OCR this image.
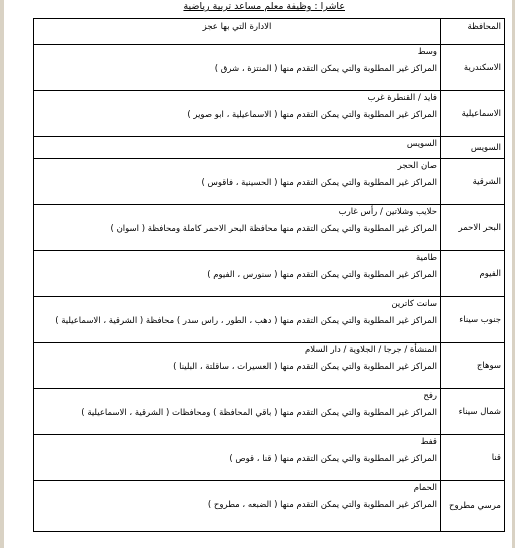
عاشرا : وظيفة معلم مساعد تربية رياضية
المحافظة	الادارة التي بها عجز
الاسكندرية	وسط
المراكز غير المطلوبة والتي يمكن التقدم منها ( المنتزة ، شرق )

الاسماعيلية	فايد / القنطرة غرب
المراكز غير المطلوبة والتي يمكن التقدم منها ( الاسماعيلية ، ابو صوير )

السويس	السويس

الشرقية	صان الحجر
المراكز غير المطلوبة والتي يمكن التقدم منها ( الحسينية ، فاقوس )

البحر الاحمر	حلايب وشلاتين / رأس غارب
المراكز غير المطلوبة والتي يمكن التقدم منها محافظة البحر الاحمر كاملة ومحافظة ( اسوان )

الفيوم	طامية
المراكز غير المطلوبة والتي يمكن التقدم منها ( سنورس ، الفيوم )

جنوب سيناء	سانت كاترين
المراكز غير المطلوبة والتي يمكن التقدم منها ( دهب ، الطور ، راس سدر ) محافظة ( الشرقية ، الاسماعيلية )

سوهاج	المنشأة / جرجا / الجلاوية / دار السلام
المراكز غير المطلوبة والتي يمكن التقدم منها ( العسيرات ، ساقلتة ، البلينا )

شمال سيناء	رفح
المراكز غير المطلوبة والتي يمكن التقدم منها ( باقي المحافظة ) ومحافظات ( الشرقية ، الاسماعيلية )

قنا	قفط
المراكز غير المطلوبة والتي يمكن التقدم منها ( قنا ، قوص )

مرسي مطروح	الحمام
المراكز غير المطلوبة والتي يمكن التقدم منها ( الضبعه ، مطروح )
